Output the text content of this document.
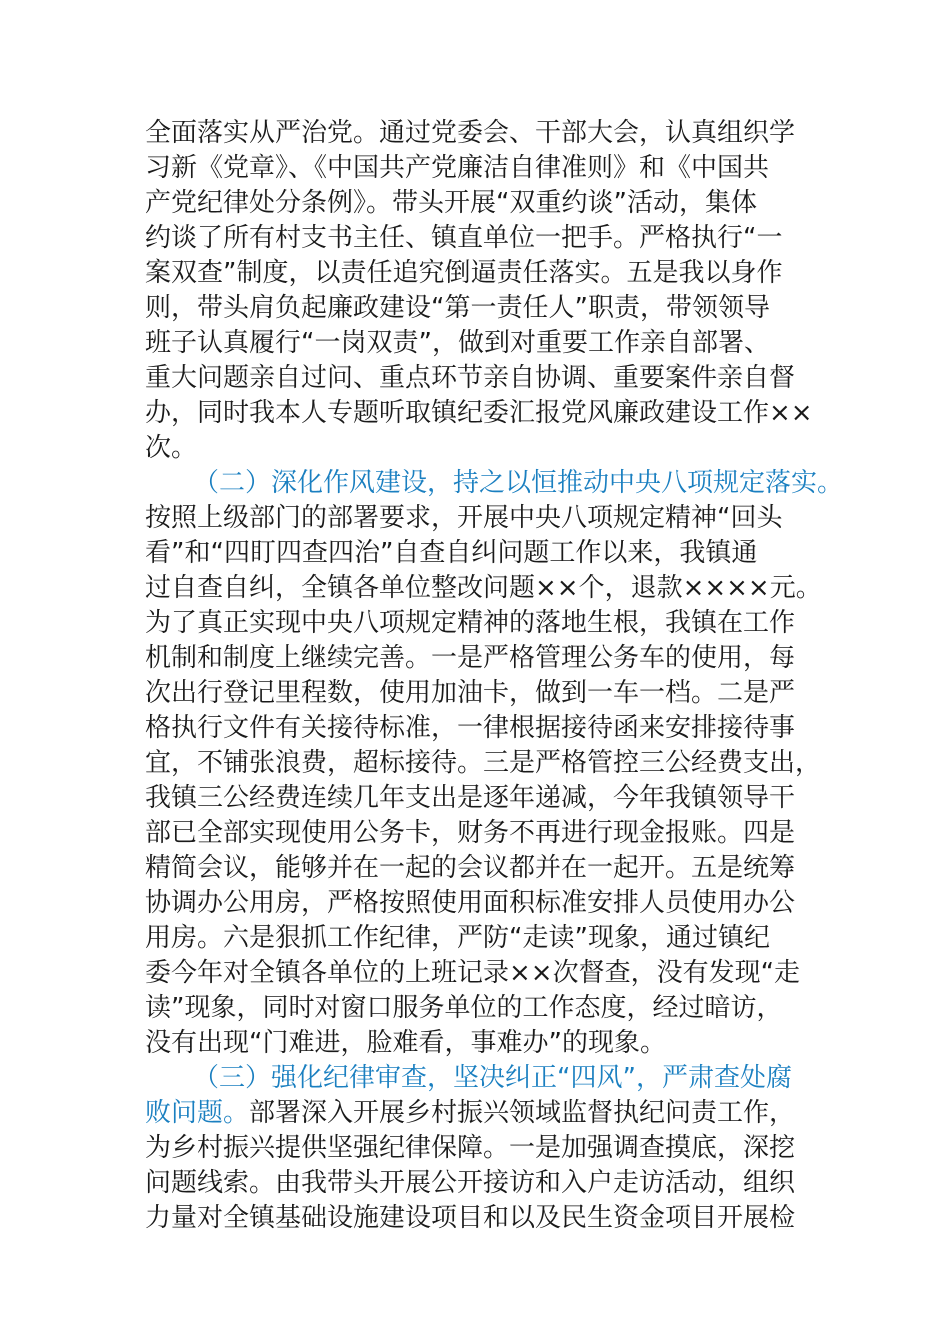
全面落实从严治党。通过党委会、干部大会，认真组织学
习新《党章》、《中国共产党廉洁自律准则》和《中国共
产党纪律处分条例》。带头开展“双重约谈”活动，集体
约谈了所有村支书主任、镇直单位一把手。严格执行“一
案双查”制度，以责任追究倒逼责任落实。五是我以身作
则，带头肩负起廉政建设“第一责任人”职责，带领领导
班子认真履行“一岗双责”，做到对重要工作亲自部署、
重大问题亲自过问、重点环节亲自协调、重要案件亲自督
办，同时我本人专题听取镇纪委汇报党风廉政建设工作××
次。
（二）深化作风建设，持之以恒推动中央八项规定落实。
按照上级部门的部署要求，开展中央八项规定精神“回头
看”和“四盯四查四治”自查自纠问题工作以来，我镇通
过自查自纠，全镇各单位整改问题××个，退款××××元。
为了真正实现中央八项规定精神的落地生根，我镇在工作
机制和制度上继续完善。一是严格管理公务车的使用，每
次出行登记里程数，使用加油卡，做到一车一档。二是严
格执行文件有关接待标准，一律根据接待函来安排接待事
宜，不铺张浪费，超标接待。三是严格管控三公经费支出，
我镇三公经费连续几年支出是逐年递减，今年我镇领导干
部已全部实现使用公务卡，财务不再进行现金报账。四是
精简会议，能够并在一起的会议都并在一起开。五是统筹
协调办公用房，严格按照使用面积标准安排人员使用办公
用房。六是狠抓工作纪律，严防“走读”现象，通过镇纪
委今年对全镇各单位的上班记录××次督查，没有发现“走
读”现象，同时对窗口服务单位的工作态度，经过暗访，
没有出现“门难进，脸难看，事难办”的现象。
（三）强化纪律审查，坚决纠正“四风”，严肃查处腐
败问题。部署深入开展乡村振兴领域监督执纪问责工作，
为乡村振兴提供坚强纪律保障。一是加强调查摸底，深挖
问题线索。由我带头开展公开接访和入户走访活动，组织
力量对全镇基础设施建设项目和以及民生资金项目开展检
